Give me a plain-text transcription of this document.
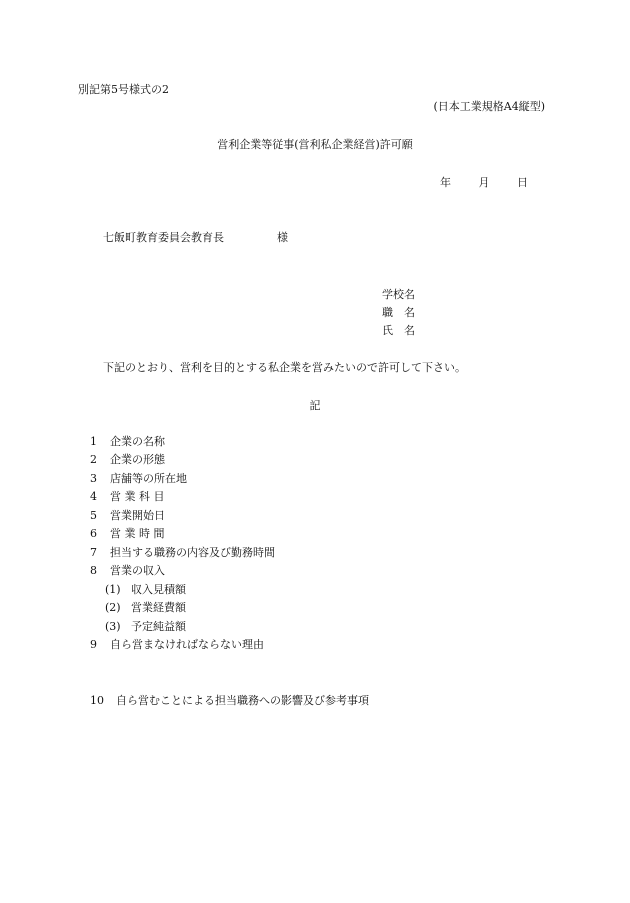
別記第5号様式の2

(日本工業規格A4縦型)

営利企業等従事(営利私企業経営)許可願

年	月	日

七飯町教育委員会教育長	様

学校名

職　名

氏　名

下記のとおり、営利を目的とする私企業を営みたいので許可して下さい。

記

1 企業の名称
2 企業の形態
3 店舗等の所在地
4 営 業 科 目
5 営業開始日
6 営 業 時 間
7 担当する職務の内容及び勤務時間
8 営業の収入
(1) 収入見積額
(2) 営業経費額
(3) 予定純益額
9 自ら営まなければならない理由
10 自ら営むことによる担当職務への影響及び参考事項
